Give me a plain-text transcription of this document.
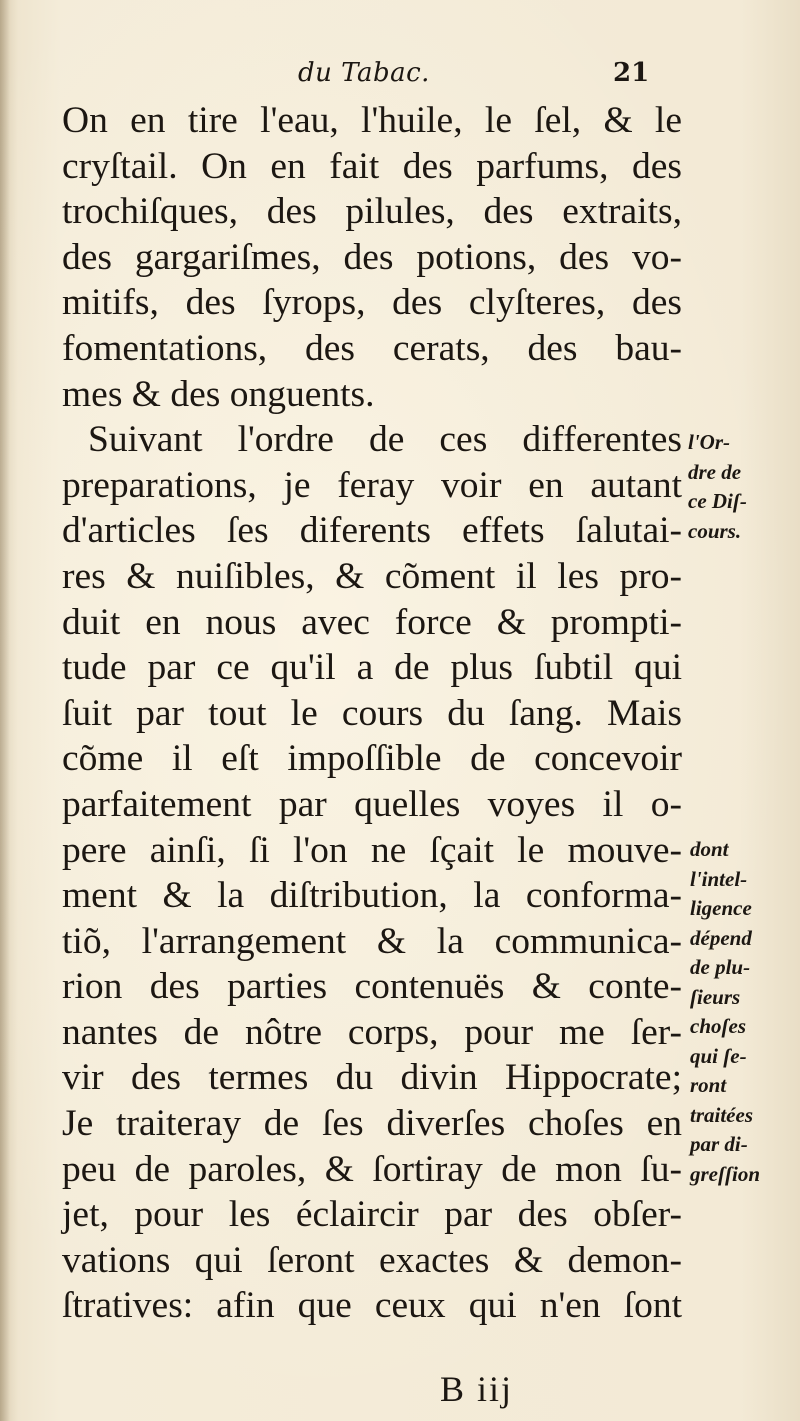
du Tabac.	21
On en tire l'eau, l'huile, le ſel, & le
cryſtail. On en fait des parfums, des
trochiſques, des pilules, des extraits,
des gargariſmes, des potions, des vo-
mitifs, des ſyrops, des clyſteres, des
fomentations, des cerats, des bau-
mes & des onguents.
Suivant l'ordre de ces differentes
preparations, je feray voir en autant
d'articles ſes diferents effets ſalutai-
res & nuiſibles, & cõment il les pro-
duit en nous avec force & prompti-
tude par ce qu'il a de plus ſubtil qui
ſuit par tout le cours du ſang. Mais
cõme il eſt impoſſible de concevoir
parfaitement par quelles voyes il o-
pere ainſi, ſi l'on ne ſçait le mouve-
ment & la diſtribution, la conforma-
tiõ, l'arrangement & la communica-
rion des parties contenuës & conte-
nantes de nôtre corps, pour me ſer-
vir des termes du divin Hippocrate;
Je traiteray de ſes diverſes choſes en
peu de paroles, & ſortiray de mon ſu-
jet, pour les éclaircir par des obſer-
vations qui ſeront exactes & demon-
ſtratives: afin que ceux qui n'en ſont
l'Or-
dre de
ce Diſ-
cours.
dont
l'intel-
ligence
dépend
de plu-
ſieurs
choſes
qui ſe-
ront
traitées
par di-
greſſion
B iij
